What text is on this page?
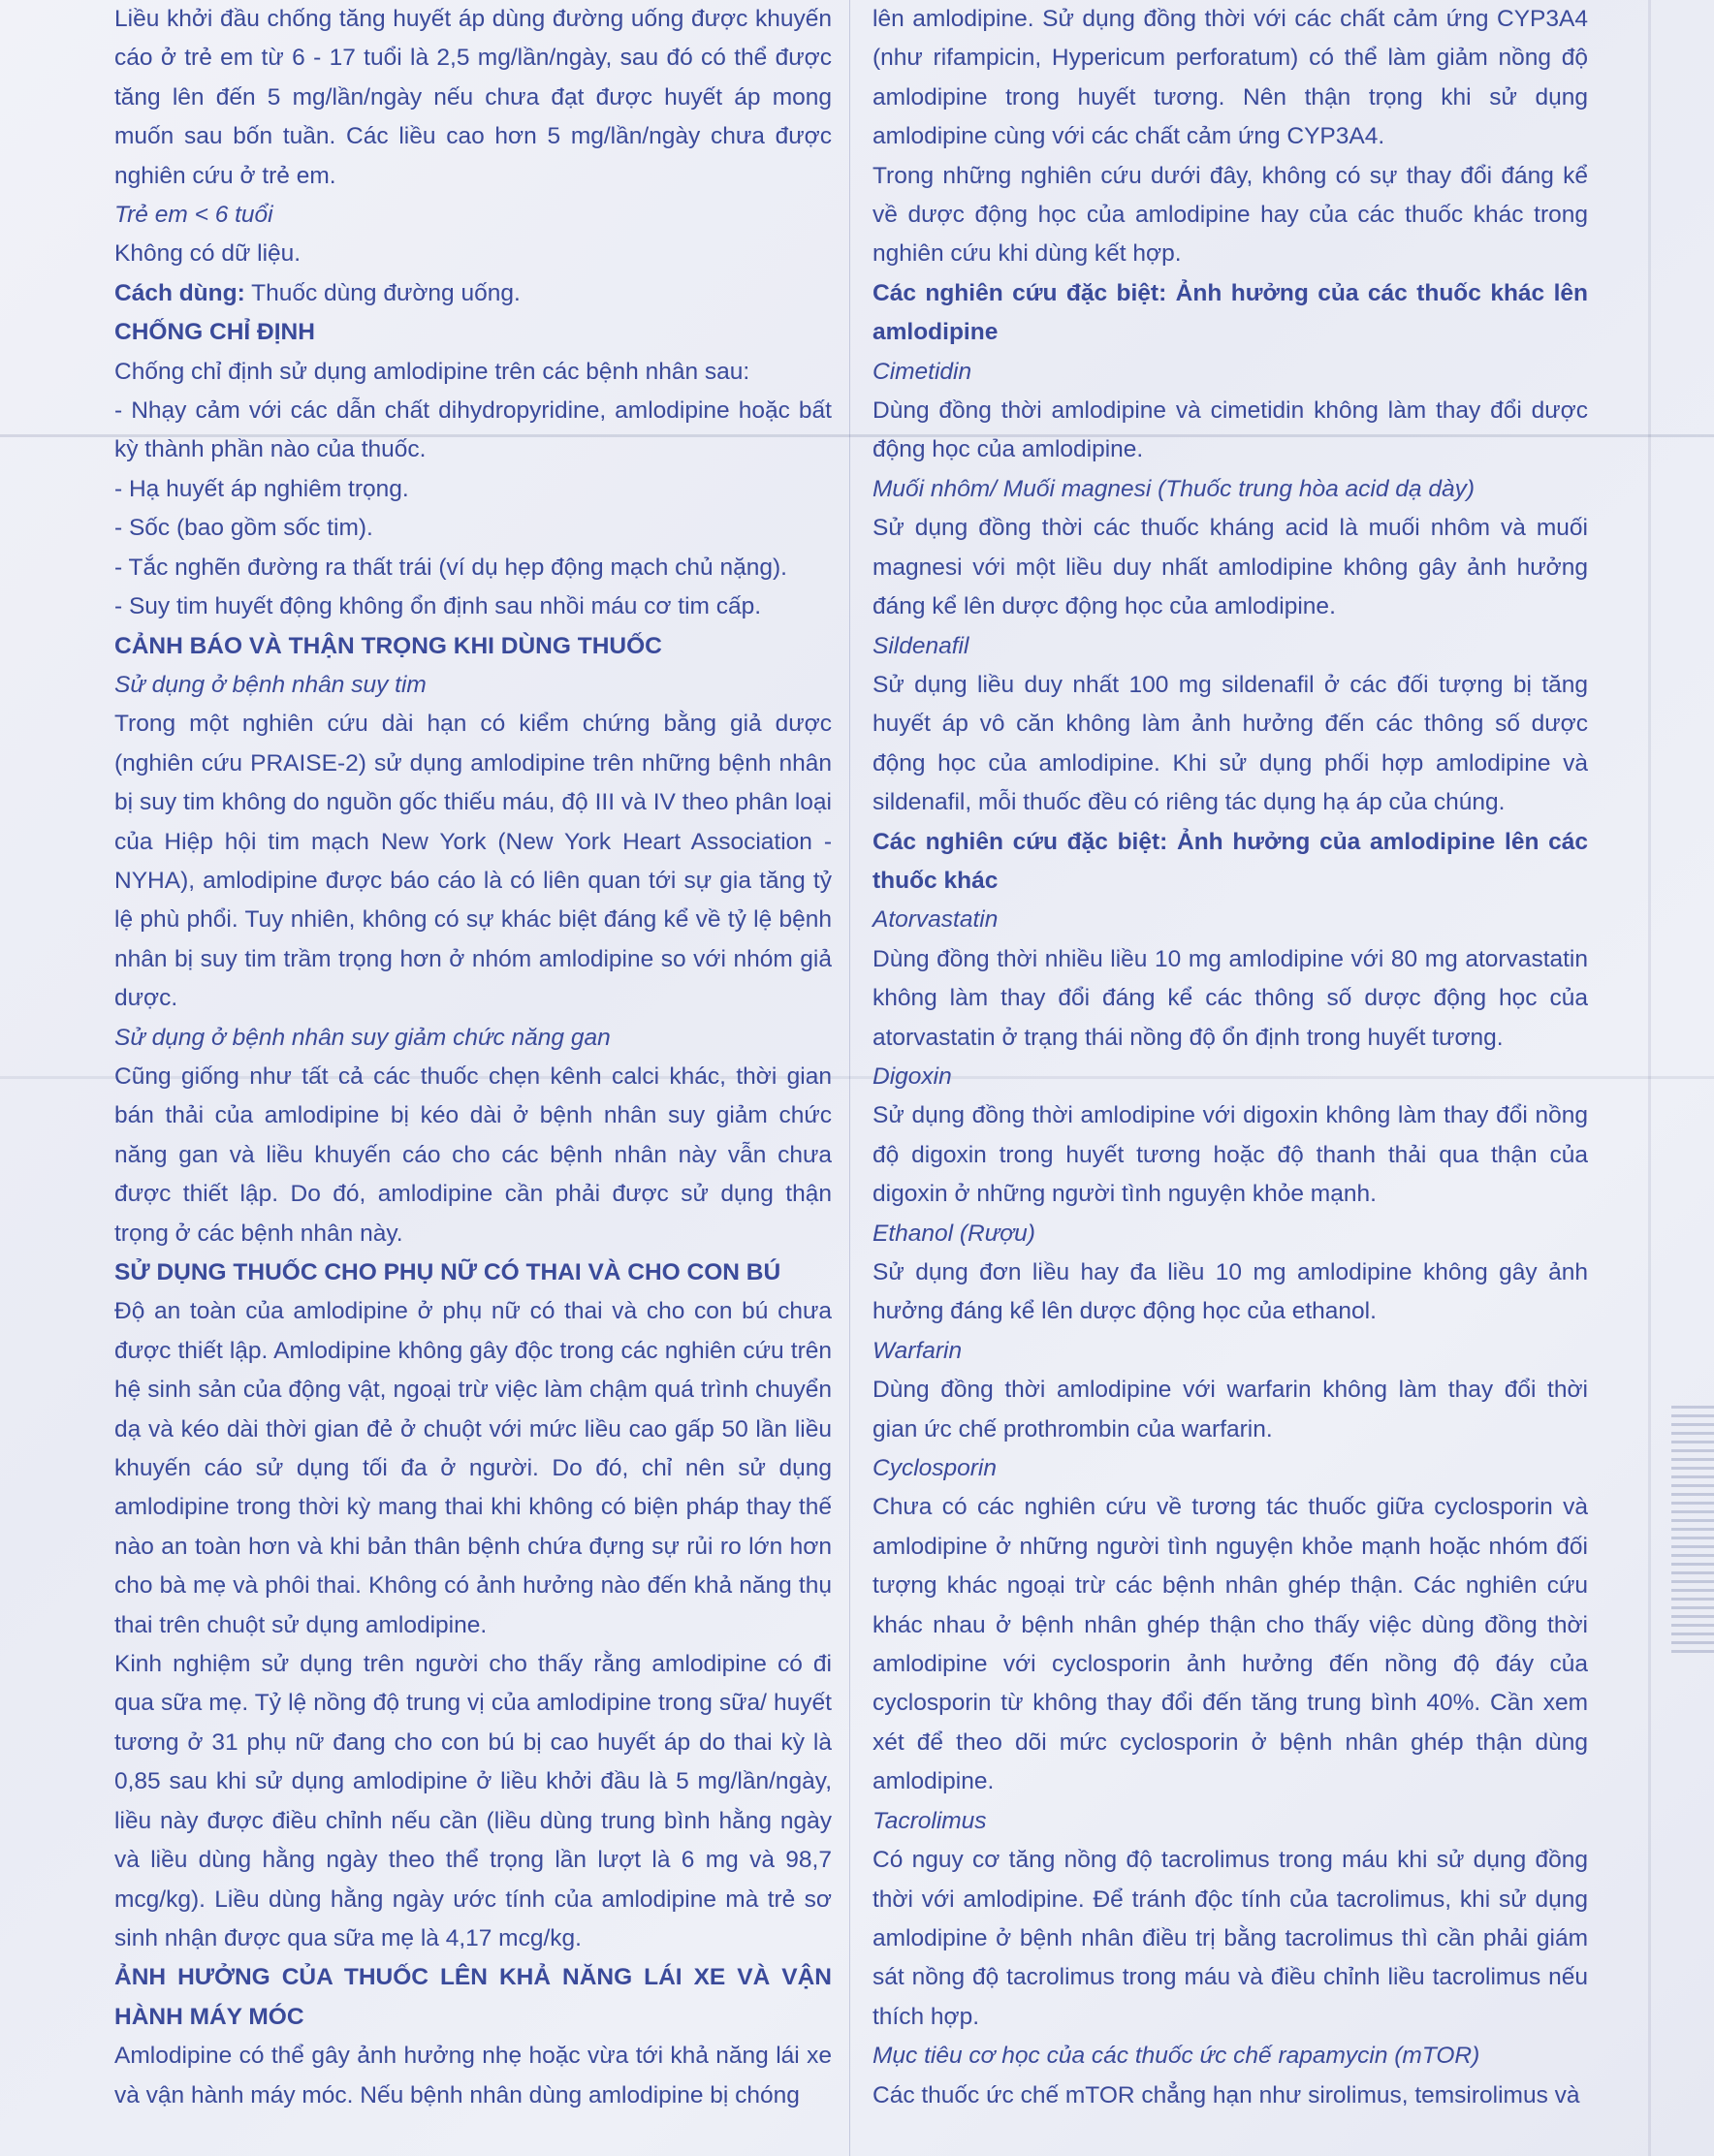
Liều khởi đầu chống tăng huyết áp dùng đường uống được khuyến cáo ở trẻ em từ 6 - 17 tuổi là 2,5 mg/lần/ngày, sau đó có thể được tăng lên đến 5 mg/lần/ngày nếu chưa đạt được huyết áp mong muốn sau bốn tuần. Các liều cao hơn 5 mg/lần/ngày chưa được nghiên cứu ở trẻ em.

Trẻ em < 6 tuổi

Không có dữ liệu.

Cách dùng: Thuốc dùng đường uống.

CHỐNG CHỈ ĐỊNH

Chống chỉ định sử dụng amlodipine trên các bệnh nhân sau:

- Nhạy cảm với các dẫn chất dihydropyridine, amlodipine hoặc bất kỳ thành phần nào của thuốc.

- Hạ huyết áp nghiêm trọng.

- Sốc (bao gồm sốc tim).

- Tắc nghẽn đường ra thất trái (ví dụ hẹp động mạch chủ nặng).

- Suy tim huyết động không ổn định sau nhồi máu cơ tim cấp.

CẢNH BÁO VÀ THẬN TRỌNG KHI DÙNG THUỐC

Sử dụng ở bệnh nhân suy tim

Trong một nghiên cứu dài hạn có kiểm chứng bằng giả dược (nghiên cứu PRAISE-2) sử dụng amlodipine trên những bệnh nhân bị suy tim không do nguồn gốc thiếu máu, độ III và IV theo phân loại của Hiệp hội tim mạch New York (New York Heart Association - NYHA), amlodipine được báo cáo là có liên quan tới sự gia tăng tỷ lệ phù phổi. Tuy nhiên, không có sự khác biệt đáng kể về tỷ lệ bệnh nhân bị suy tim trầm trọng hơn ở nhóm amlodipine so với nhóm giả dược.

Sử dụng ở bệnh nhân suy giảm chức năng gan

Cũng giống như tất cả các thuốc chẹn kênh calci khác, thời gian bán thải của amlodipine bị kéo dài ở bệnh nhân suy giảm chức năng gan và liều khuyến cáo cho các bệnh nhân này vẫn chưa được thiết lập. Do đó, amlodipine cần phải được sử dụng thận trọng ở các bệnh nhân này.

SỬ DỤNG THUỐC CHO PHỤ NỮ CÓ THAI VÀ CHO CON BÚ

Độ an toàn của amlodipine ở phụ nữ có thai và cho con bú chưa được thiết lập. Amlodipine không gây độc trong các nghiên cứu trên hệ sinh sản của động vật, ngoại trừ việc làm chậm quá trình chuyển dạ và kéo dài thời gian đẻ ở chuột với mức liều cao gấp 50 lần liều khuyến cáo sử dụng tối đa ở người. Do đó, chỉ nên sử dụng amlodipine trong thời kỳ mang thai khi không có biện pháp thay thế nào an toàn hơn và khi bản thân bệnh chứa đựng sự rủi ro lớn hơn cho bà mẹ và phôi thai. Không có ảnh hưởng nào đến khả năng thụ thai trên chuột sử dụng amlodipine.

Kinh nghiệm sử dụng trên người cho thấy rằng amlodipine có đi qua sữa mẹ. Tỷ lệ nồng độ trung vị của amlodipine trong sữa/ huyết tương ở 31 phụ nữ đang cho con bú bị cao huyết áp do thai kỳ là 0,85 sau khi sử dụng amlodipine ở liều khởi đầu là 5 mg/lần/ngày, liều này được điều chỉnh nếu cần (liều dùng trung bình hằng ngày và liều dùng hằng ngày theo thể trọng lần lượt là 6 mg và 98,7 mcg/kg). Liều dùng hằng ngày ước tính của amlodipine mà trẻ sơ sinh nhận được qua sữa mẹ là 4,17 mcg/kg.

ẢNH HƯỞNG CỦA THUỐC LÊN KHẢ NĂNG LÁI XE VÀ VẬN HÀNH MÁY MÓC

Amlodipine có thể gây ảnh hưởng nhẹ hoặc vừa tới khả năng lái xe và vận hành máy móc. Nếu bệnh nhân dùng amlodipine bị chóng

lên amlodipine. Sử dụng đồng thời với các chất cảm ứng CYP3A4 (như rifampicin, Hypericum perforatum) có thể làm giảm nồng độ amlodipine trong huyết tương. Nên thận trọng khi sử dụng amlodipine cùng với các chất cảm ứng CYP3A4.

Trong những nghiên cứu dưới đây, không có sự thay đổi đáng kể về dược động học của amlodipine hay của các thuốc khác trong nghiên cứu khi dùng kết hợp.

Các nghiên cứu đặc biệt: Ảnh hưởng của các thuốc khác lên amlodipine

Cimetidin

Dùng đồng thời amlodipine và cimetidin không làm thay đổi dược động học của amlodipine.

Muối nhôm/ Muối magnesi (Thuốc trung hòa acid dạ dày)

Sử dụng đồng thời các thuốc kháng acid là muối nhôm và muối magnesi với một liều duy nhất amlodipine không gây ảnh hưởng đáng kể lên dược động học của amlodipine.

Sildenafil

Sử dụng liều duy nhất 100 mg sildenafil ở các đối tượng bị tăng huyết áp vô căn không làm ảnh hưởng đến các thông số dược động học của amlodipine. Khi sử dụng phối hợp amlodipine và sildenafil, mỗi thuốc đều có riêng tác dụng hạ áp của chúng.

Các nghiên cứu đặc biệt: Ảnh hưởng của amlodipine lên các thuốc khác

Atorvastatin

Dùng đồng thời nhiều liều 10 mg amlodipine với 80 mg atorvastatin không làm thay đổi đáng kể các thông số dược động học của atorvastatin ở trạng thái nồng độ ổn định trong huyết tương.

Digoxin

Sử dụng đồng thời amlodipine với digoxin không làm thay đổi nồng độ digoxin trong huyết tương hoặc độ thanh thải qua thận của digoxin ở những người tình nguyện khỏe mạnh.

Ethanol (Rượu)

Sử dụng đơn liều hay đa liều 10 mg amlodipine không gây ảnh hưởng đáng kể lên dược động học của ethanol.

Warfarin

Dùng đồng thời amlodipine với warfarin không làm thay đổi thời gian ức chế prothrombin của warfarin.

Cyclosporin

Chưa có các nghiên cứu về tương tác thuốc giữa cyclosporin và amlodipine ở những người tình nguyện khỏe mạnh hoặc nhóm đối tượng khác ngoại trừ các bệnh nhân ghép thận. Các nghiên cứu khác nhau ở bệnh nhân ghép thận cho thấy việc dùng đồng thời amlodipine với cyclosporin ảnh hưởng đến nồng độ đáy của cyclosporin từ không thay đổi đến tăng trung bình 40%. Cần xem xét để theo dõi mức cyclosporin ở bệnh nhân ghép thận dùng amlodipine.

Tacrolimus

Có nguy cơ tăng nồng độ tacrolimus trong máu khi sử dụng đồng thời với amlodipine. Để tránh độc tính của tacrolimus, khi sử dụng amlodipine ở bệnh nhân điều trị bằng tacrolimus thì cần phải giám sát nồng độ tacrolimus trong máu và điều chỉnh liều tacrolimus nếu thích hợp.

Mục tiêu cơ học của các thuốc ức chế rapamycin (mTOR)

Các thuốc ức chế mTOR chẳng hạn như sirolimus, temsirolimus và
